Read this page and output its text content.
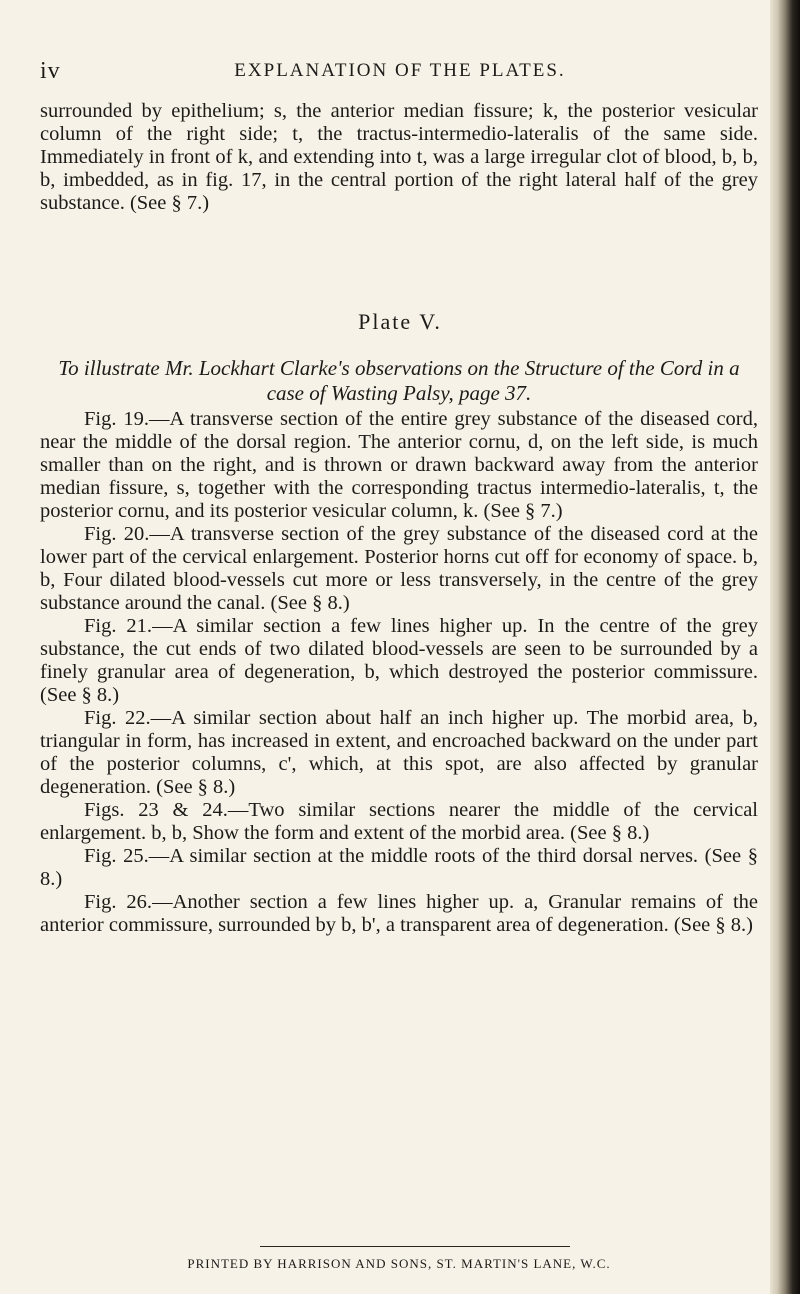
iv	EXPLANATION OF THE PLATES.
surrounded by epithelium; s, the anterior median fissure; k, the posterior vesicular column of the right side; t, the tractus-intermedio-lateralis of the same side. Immediately in front of k, and extending into t, was a large irregular clot of blood, b, b, b, imbedded, as in fig. 17, in the central portion of the right lateral half of the grey substance. (See § 7.)
Plate V.
To illustrate Mr. Lockhart Clarke's observations on the Structure of the Cord in a case of Wasting Palsy, page 37.

Fig. 19.—A transverse section of the entire grey substance of the diseased cord, near the middle of the dorsal region. The anterior cornu, d, on the left side, is much smaller than on the right, and is thrown or drawn backward away from the anterior median fissure, s, together with the corresponding tractus intermedio-lateralis, t, the posterior cornu, and its posterior vesicular column, k. (See § 7.)

Fig. 20.—A transverse section of the grey substance of the diseased cord at the lower part of the cervical enlargement. Posterior horns cut off for economy of space. b, b, Four dilated blood-vessels cut more or less transversely, in the centre of the grey substance around the canal. (See § 8.)

Fig. 21.—A similar section a few lines higher up. In the centre of the grey substance, the cut ends of two dilated blood-vessels are seen to be surrounded by a finely granular area of degeneration, b, which destroyed the posterior commissure. (See § 8.)

Fig. 22.—A similar section about half an inch higher up. The morbid area, b, triangular in form, has increased in extent, and encroached backward on the under part of the posterior columns, c', which, at this spot, are also affected by granular degeneration. (See § 8.)

Figs. 23 & 24.—Two similar sections nearer the middle of the cervical enlargement. b, b, Show the form and extent of the morbid area. (See § 8.)

Fig. 25.—A similar section at the middle roots of the third dorsal nerves. (See § 8.)

Fig. 26.—Another section a few lines higher up. a, Granular remains of the anterior commissure, surrounded by b, b', a transparent area of degeneration. (See § 8.)

PRINTED BY HARRISON AND SONS, ST. MARTIN'S LANE, W.C.
